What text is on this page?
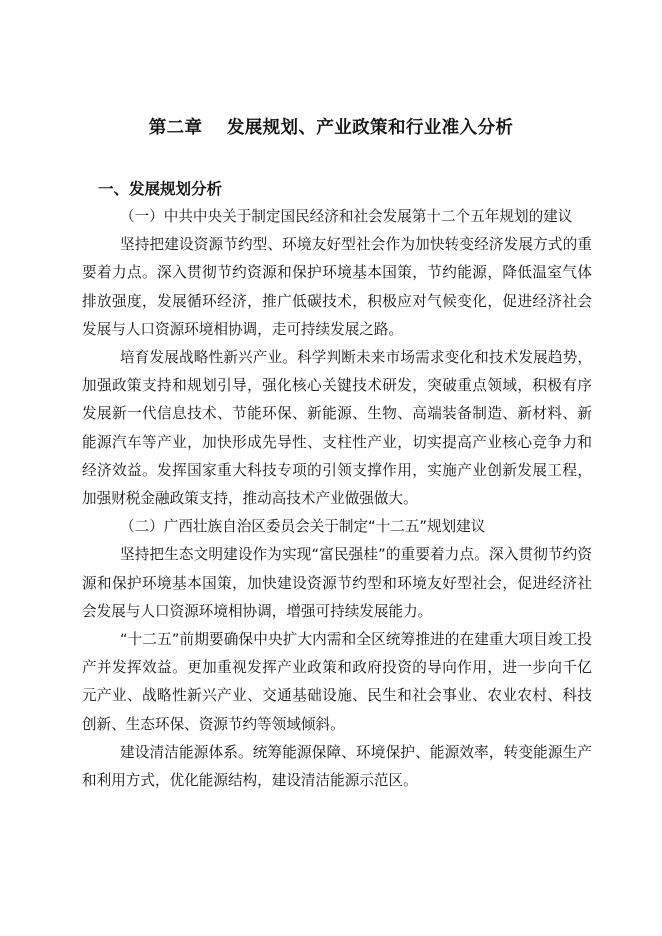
第二章　 发展规划、产业政策和行业准入分析
一、发展规划分析

（一）中共中央关于制定国民经济和社会发展第十二个五年规划的建议

坚持把建设资源节约型、环境友好型社会作为加快转变经济发展方式的重要着力点。深入贯彻节约资源和保护环境基本国策，节约能源，降低温室气体排放强度，发展循环经济，推广低碳技术，积极应对气候变化，促进经济社会发展与人口资源环境相协调，走可持续发展之路。

培育发展战略性新兴产业。科学判断未来市场需求变化和技术发展趋势，加强政策支持和规划引导，强化核心关键技术研发，突破重点领域，积极有序发展新一代信息技术、节能环保、新能源、生物、高端装备制造、新材料、新能源汽车等产业，加快形成先导性、支柱性产业，切实提高产业核心竞争力和经济效益。发挥国家重大科技专项的引领支撑作用，实施产业创新发展工程，加强财税金融政策支持，推动高技术产业做强做大。

（二）广西壮族自治区委员会关于制定“十二五”规划建议

坚持把生态文明建设作为实现“富民强桂”的重要着力点。深入贯彻节约资源和保护环境基本国策，加快建设资源节约型和环境友好型社会，促进经济社会发展与人口资源环境相协调，增强可持续发展能力。

“十二五”前期要确保中央扩大内需和全区统筹推进的在建重大项目竣工投产并发挥效益。更加重视发挥产业政策和政府投资的导向作用，进一步向千亿元产业、战略性新兴产业、交通基础设施、民生和社会事业、农业农村、科技创新、生态环保、资源节约等领域倾斜。

建设清洁能源体系。统筹能源保障、环境保护、能源效率，转变能源生产和利用方式，优化能源结构，建设清洁能源示范区。
